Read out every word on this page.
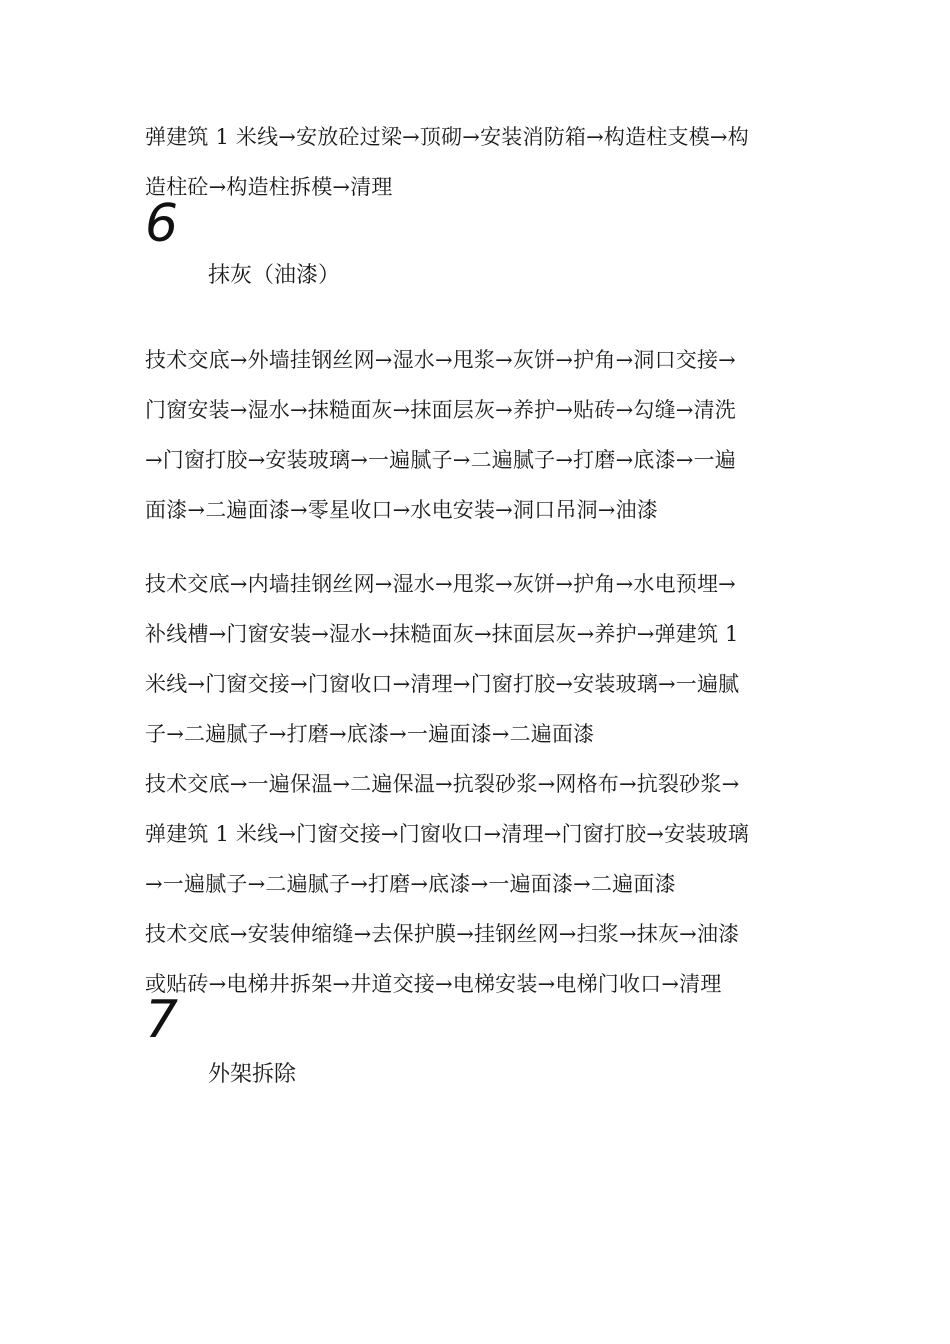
弹建筑 1 米线→安放砼过梁→顶砌→安装消防箱→构造柱支模→构
造柱砼→构造柱拆模→清理
6
抹灰（油漆）
技术交底→外墙挂钢丝网→湿水→甩浆→灰饼→护角→洞口交接→
门窗安装→湿水→抹糙面灰→抹面层灰→养护→贴砖→勾缝→清洗
→门窗打胶→安装玻璃→一遍腻子→二遍腻子→打磨→底漆→一遍
面漆→二遍面漆→零星收口→水电安装→洞口吊洞→油漆
技术交底→内墙挂钢丝网→湿水→甩浆→灰饼→护角→水电预埋→
补线槽→门窗安装→湿水→抹糙面灰→抹面层灰→养护→弹建筑 1
米线→门窗交接→门窗收口→清理→门窗打胶→安装玻璃→一遍腻
子→二遍腻子→打磨→底漆→一遍面漆→二遍面漆
技术交底→一遍保温→二遍保温→抗裂砂浆→网格布→抗裂砂浆→
弹建筑 1 米线→门窗交接→门窗收口→清理→门窗打胶→安装玻璃
→一遍腻子→二遍腻子→打磨→底漆→一遍面漆→二遍面漆
技术交底→安装伸缩缝→去保护膜→挂钢丝网→扫浆→抹灰→油漆
或贴砖→电梯井拆架→井道交接→电梯安装→电梯门收口→清理
7
外架拆除
